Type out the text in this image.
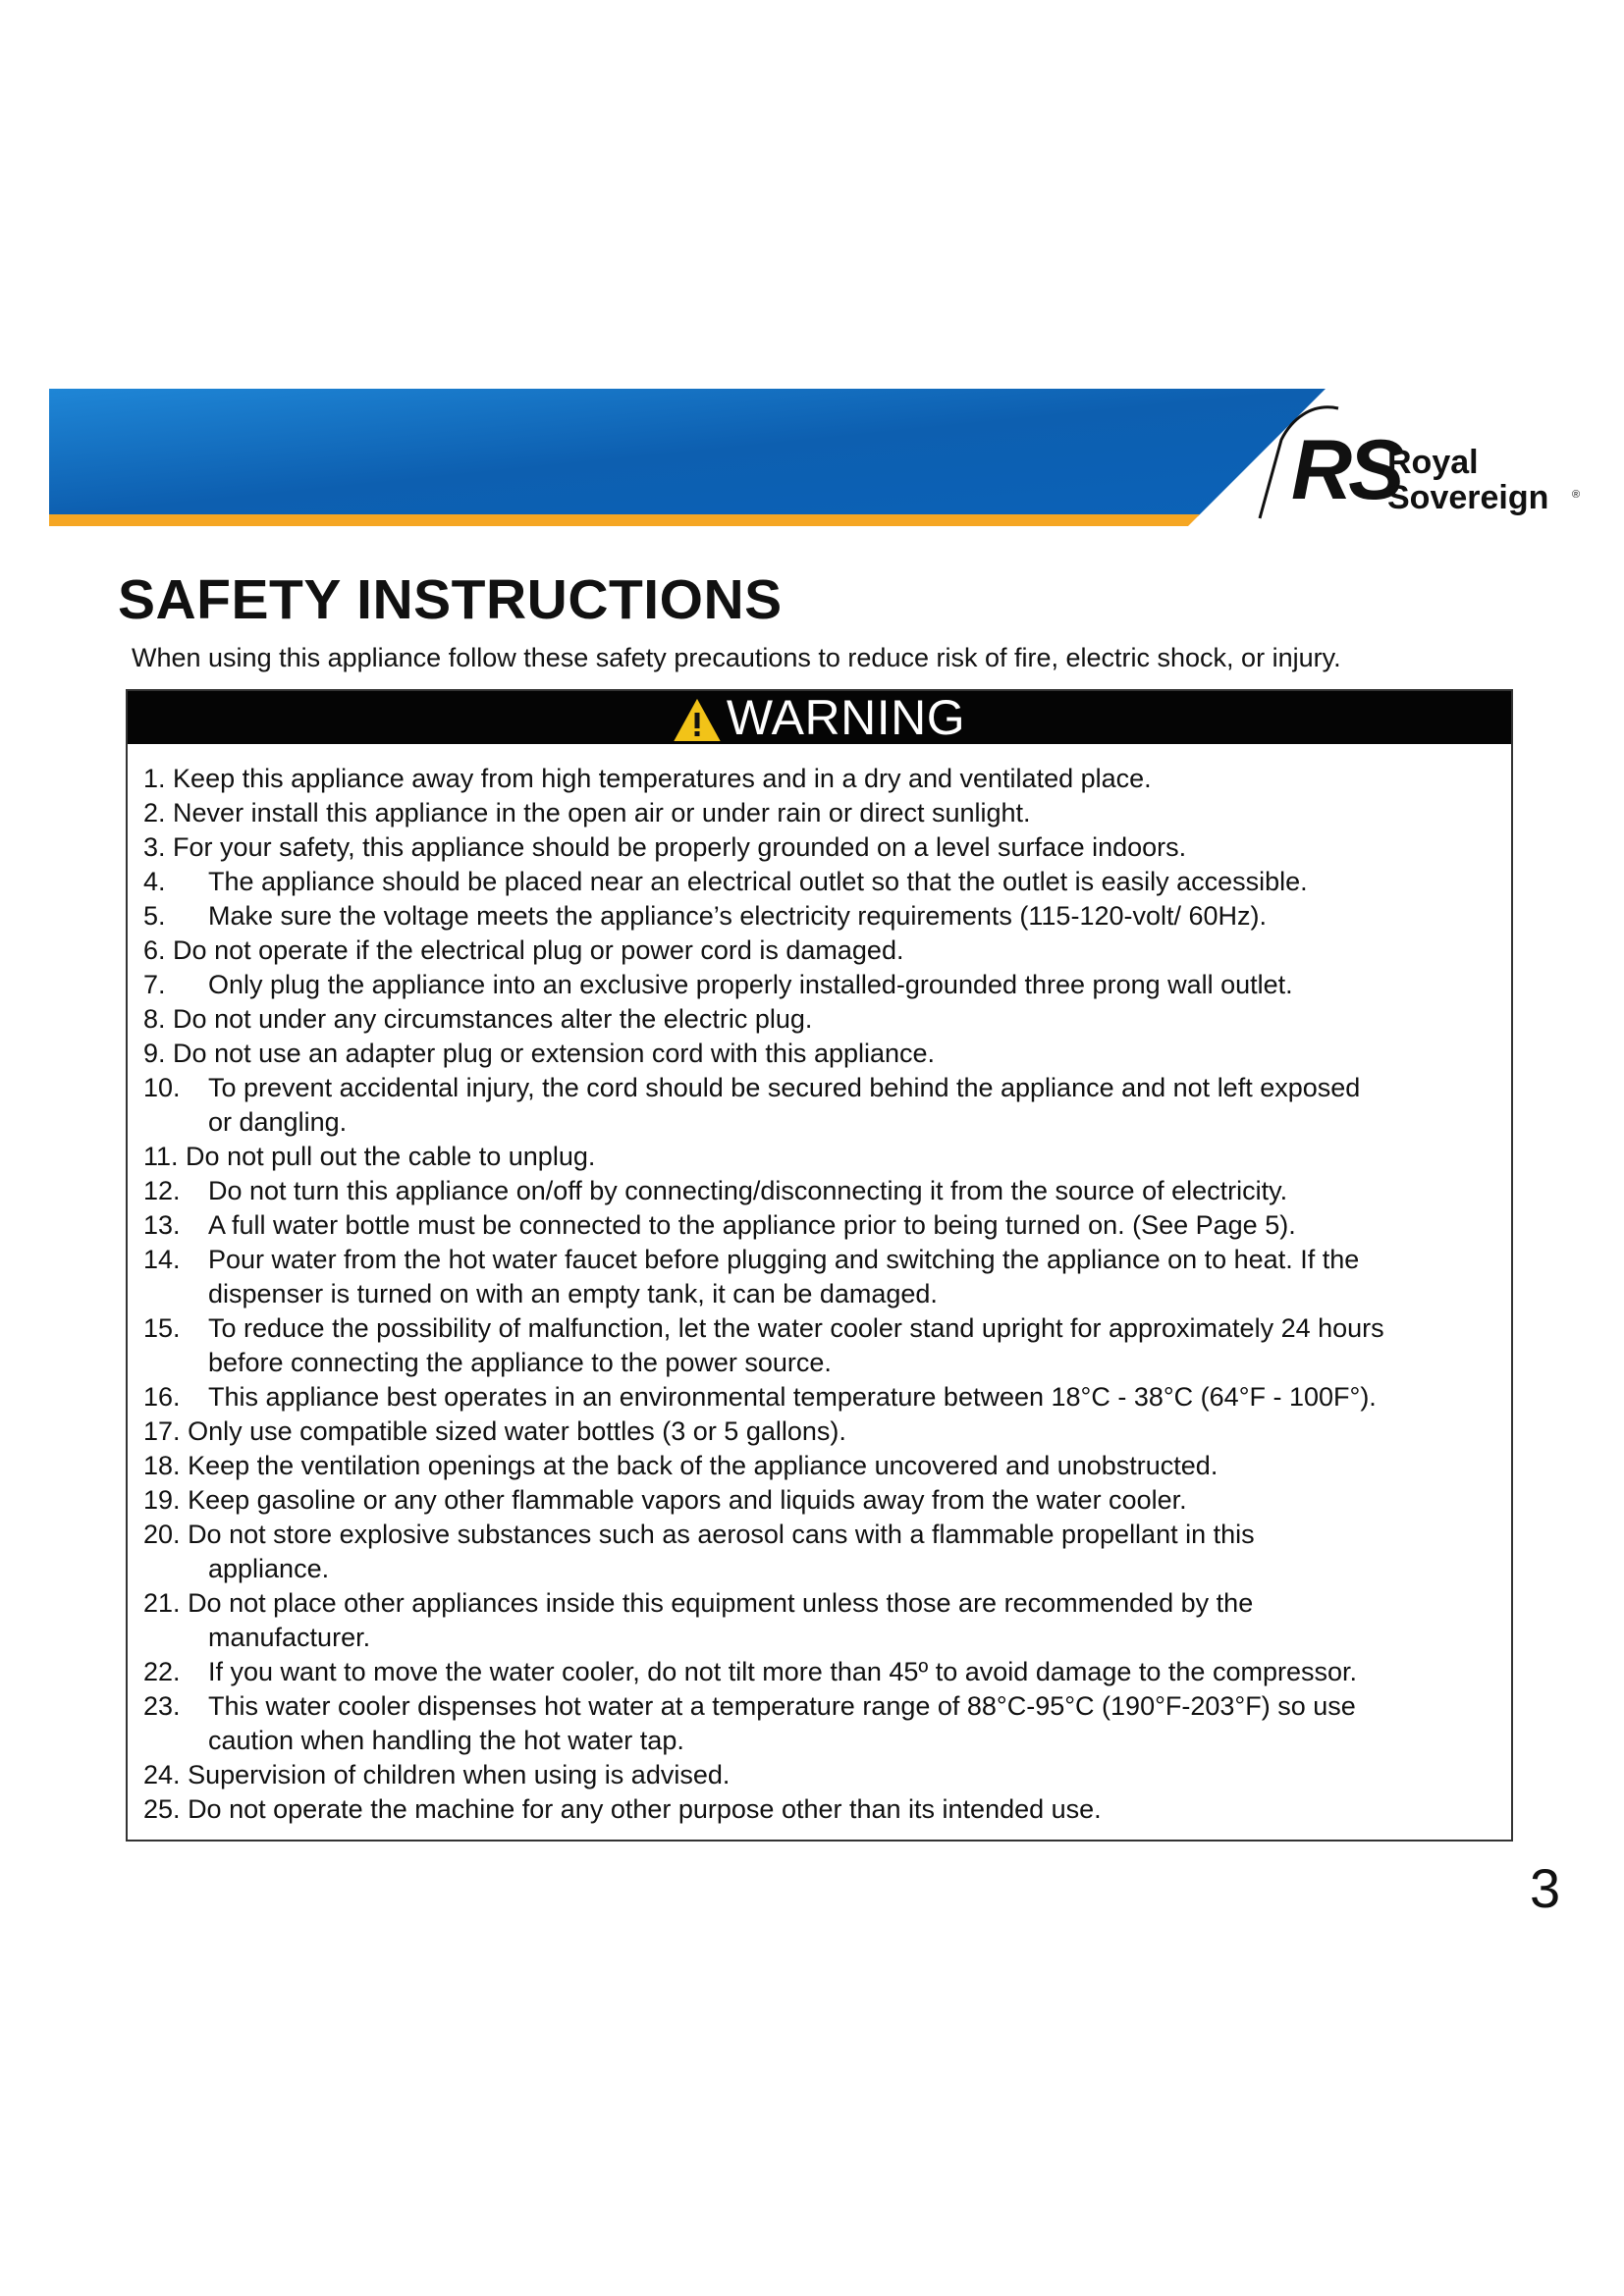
RS
Royal
Sovereign ®
SAFETY INSTRUCTIONS
When using this appliance follow these safety precautions to reduce risk of fire, electric shock, or injury.
WARNING
1. Keep this appliance away from high temperatures and in a dry and ventilated place.
2. Never install this appliance in the open air or under rain or direct sunlight.
3. For your safety, this appliance should be properly grounded on a level surface indoors.
4. The appliance should be placed near an electrical outlet so that the outlet is easily accessible.
5. Make sure the voltage meets the appliance’s electricity requirements (115-120-volt/ 60Hz).
6. Do not operate if the electrical plug or power cord is damaged.
7. Only plug the appliance into an exclusive properly installed-grounded three prong wall outlet.
8. Do not under any circumstances alter the electric plug.
9. Do not use an adapter plug or extension cord with this appliance.
10. To prevent accidental injury, the cord should be secured behind the appliance and not left exposed
or dangling.
11. Do not pull out the cable to unplug.
12. Do not turn this appliance on/off by connecting/disconnecting it from the source of electricity.
13. A full water bottle must be connected to the appliance prior to being turned on. (See Page 5).
14. Pour water from the hot water faucet before plugging and switching the appliance on to heat. If the
dispenser is turned on with an empty tank, it can be damaged.
15. To reduce the possibility of malfunction, let the water cooler stand upright for approximately 24 hours
before connecting the appliance to the power source.
16. This appliance best operates in an environmental temperature between 18°C - 38°C (64°F - 100F°).
17. Only use compatible sized water bottles (3 or 5 gallons).
18. Keep the ventilation openings at the back of the appliance uncovered and unobstructed.
19. Keep gasoline or any other flammable vapors and liquids away from the water cooler.
20. Do not store explosive substances such as aerosol cans with a flammable propellant in this
appliance.
21. Do not place other appliances inside this equipment unless those are recommended by the
manufacturer.
22. If you want to move the water cooler, do not tilt more than 45º to avoid damage to the compressor.
23. This water cooler dispenses hot water at a temperature range of 88°C-95°C (190°F-203°F) so use
caution when handling the hot water tap.
24. Supervision of children when using is advised.
25. Do not operate the machine for any other purpose other than its intended use.
3
